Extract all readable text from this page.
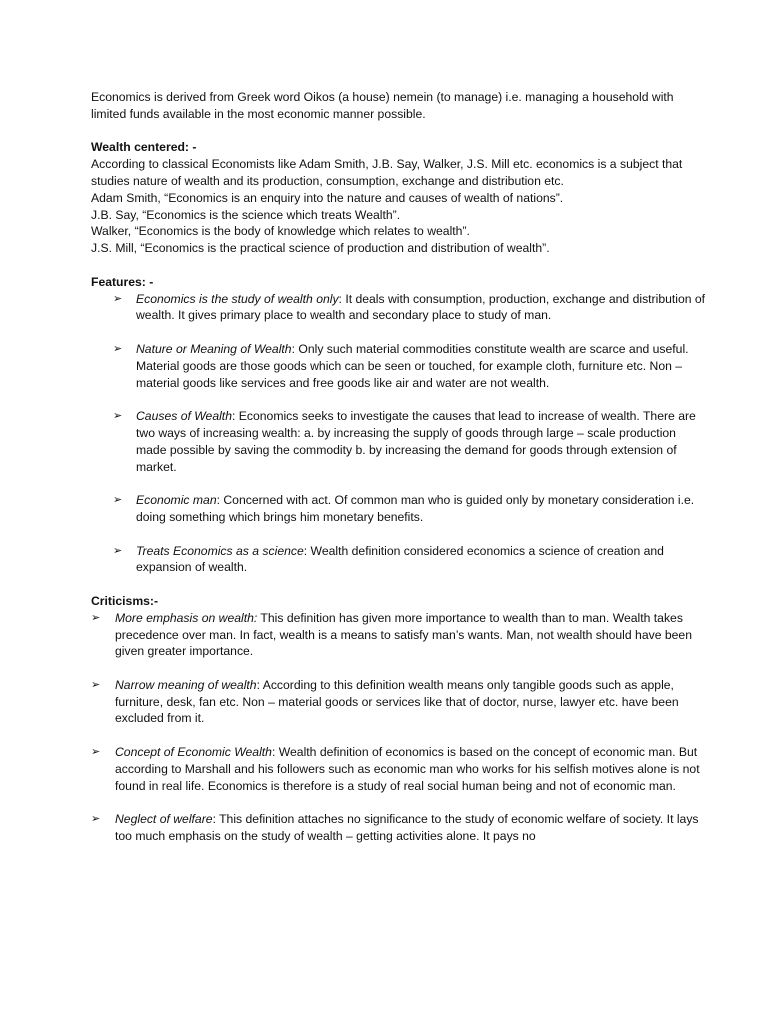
Economics is derived from Greek word Oikos (a house) nemein (to manage) i.e. managing a household with limited funds available in the most economic manner possible.

Wealth centered: -

According to classical Economists like Adam Smith, J.B. Say, Walker, J.S. Mill etc. economics is a subject that studies nature of wealth and its production, consumption, exchange and distribution etc.

Adam Smith, “Economics is an enquiry into the nature and causes of wealth of nations”.

J.B. Say, “Economics is the science which treats Wealth”.

Walker, “Economics is the body of knowledge which relates to wealth”.

J.S. Mill, “Economics is the practical science of production and distribution of wealth”.

Features: -
➢ Economics is the study of wealth only: It deals with consumption, production, exchange and distribution of wealth. It gives primary place to wealth and secondary place to study of man.
➢ Nature or Meaning of Wealth: Only such material commodities constitute wealth are scarce and useful. Material goods are those goods which can be seen or touched, for example cloth, furniture etc. Non – material goods like services and free goods like air and water are not wealth.
➢ Causes of Wealth: Economics seeks to investigate the causes that lead to increase of wealth. There are two ways of increasing wealth: a. by increasing the supply of goods through large – scale production made possible by saving the commodity b. by increasing the demand for goods through extension of market.
➢ Economic man: Concerned with act. Of common man who is guided only by monetary consideration i.e. doing something which brings him monetary benefits.
➢ Treats Economics as a science: Wealth definition considered economics a science of creation and expansion of wealth.
Criticisms:-
➢ More emphasis on wealth: This definition has given more importance to wealth than to man. Wealth takes precedence over man. In fact, wealth is a means to satisfy man’s wants. Man, not wealth should have been given greater importance.
➢ Narrow meaning of wealth: According to this definition wealth means only tangible goods such as apple, furniture, desk, fan etc. Non – material goods or services like that of doctor, nurse, lawyer etc. have been excluded from it.
➢ Concept of Economic Wealth: Wealth definition of economics is based on the concept of economic man. But according to Marshall and his followers such as economic man who works for his selfish motives alone is not found in real life. Economics is therefore is a study of real social human being and not of economic man.
➢ Neglect of welfare: This definition attaches no significance to the study of economic welfare of society. It lays too much emphasis on the study of wealth – getting activities alone. It pays no
